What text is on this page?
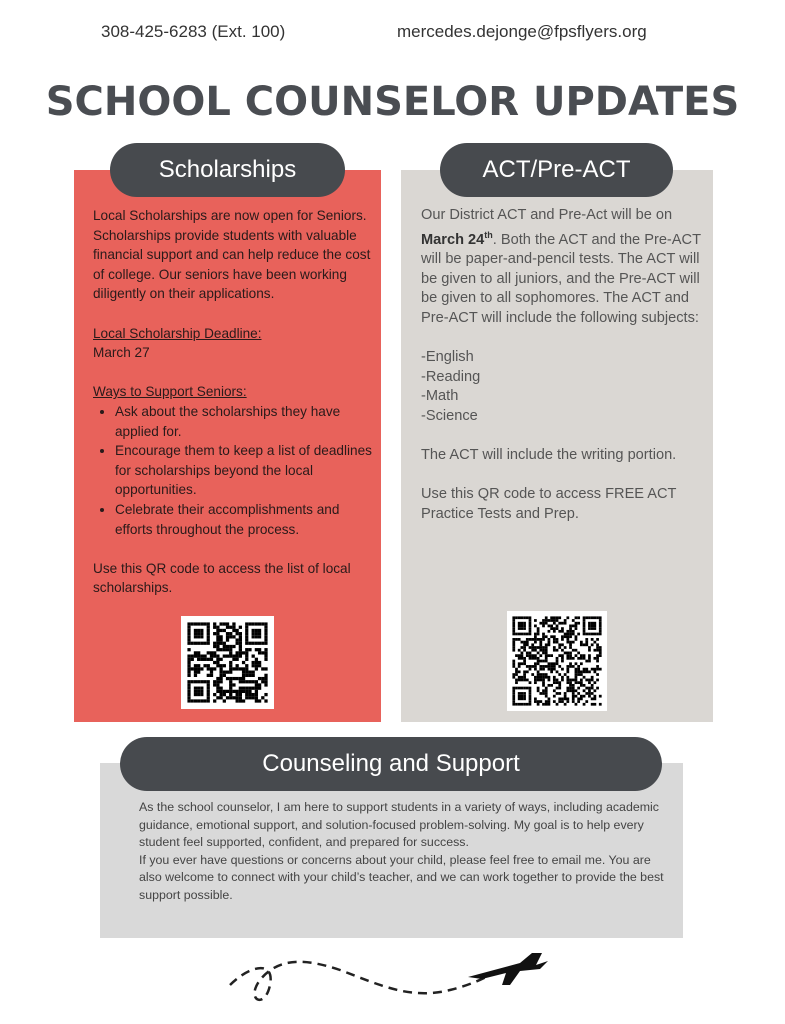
308-425-6283 (Ext. 100)	mercedes.dejonge@fpsflyers.org
SCHOOL COUNSELOR UPDATES
Scholarships

Local Scholarships are now open for Seniors. Scholarships provide students with valuable financial support and can help reduce the cost of college. Our seniors have been working diligently on their applications.

Local Scholarship Deadline:

March 27

Ways to Support Seniors:

• Ask about the scholarships they have applied for.
• Encourage them to keep a list of deadlines for scholarships beyond the local opportunities.
• Celebrate their accomplishments and efforts throughout the process.

Use this QR code to access the list of local scholarships.

ACT/Pre-ACT

Our District ACT and Pre-Act will be on March 24th. Both the ACT and the Pre-ACT will be paper-and-pencil tests. The ACT will be given to all juniors, and the Pre-ACT will be given to all sophomores. The ACT and Pre-ACT will include the following subjects:

-English

-Reading

-Math

-Science

The ACT will include the writing portion.

Use this QR code to access FREE ACT Practice Tests and Prep.

Counseling and Support

As the school counselor, I am here to support students in a variety of ways, including academic guidance, emotional support, and solution-focused problem-solving. My goal is to help every student feel supported, confident, and prepared for success.

If you ever have questions or concerns about your child, please feel free to email me. You are also welcome to connect with your child’s teacher, and we can work together to provide the best support possible.
